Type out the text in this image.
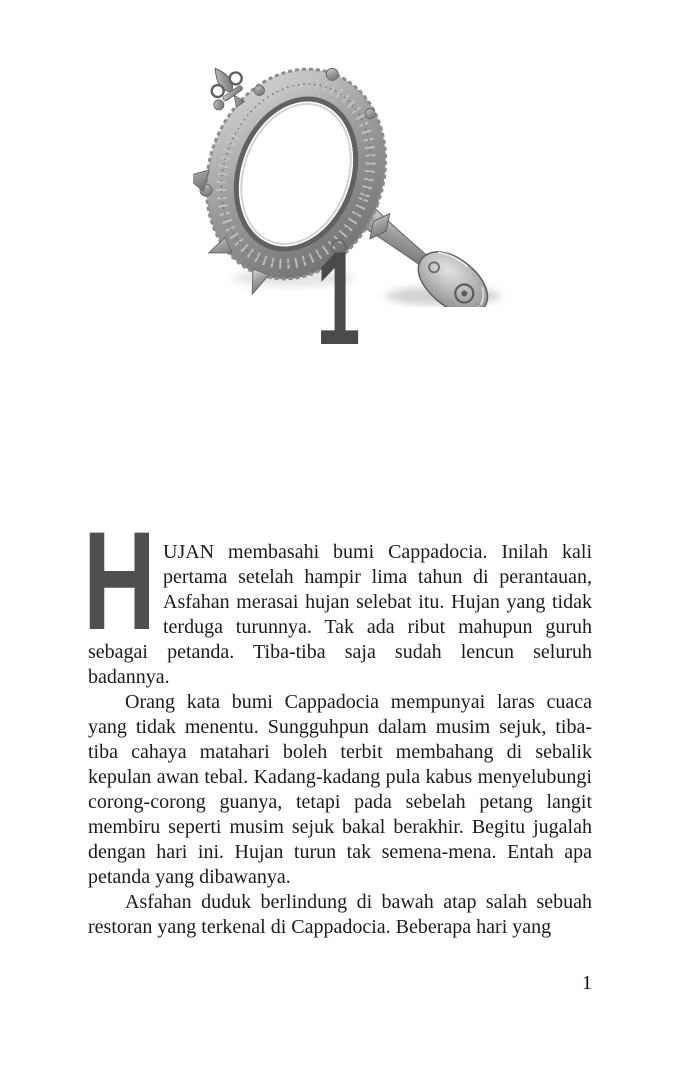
1
H UJAN membasahi bumi Cappadocia. Inilah kali pertama setelah hampir lima tahun di perantauan, Asfahan merasai hujan selebat itu. Hujan yang tidak terduga turunnya. Tak ada ribut mahupun guruh sebagai petanda. Tiba-tiba saja sudah lencun seluruh badannya.

Orang kata bumi Cappadocia mempunyai laras cuaca yang tidak menentu. Sungguhpun dalam musim sejuk, tiba-tiba cahaya matahari boleh terbit membahang di sebalik kepulan awan tebal. Kadang-kadang pula kabus menyelubungi corong-corong guanya, tetapi pada sebelah petang langit membiru seperti musim sejuk bakal berakhir. Begitu jugalah dengan hari ini. Hujan turun tak semena-mena. Entah apa petanda yang dibawanya.

Asfahan duduk berlindung di bawah atap salah sebuah restoran yang terkenal di Cappadocia. Beberapa hari yang

1
